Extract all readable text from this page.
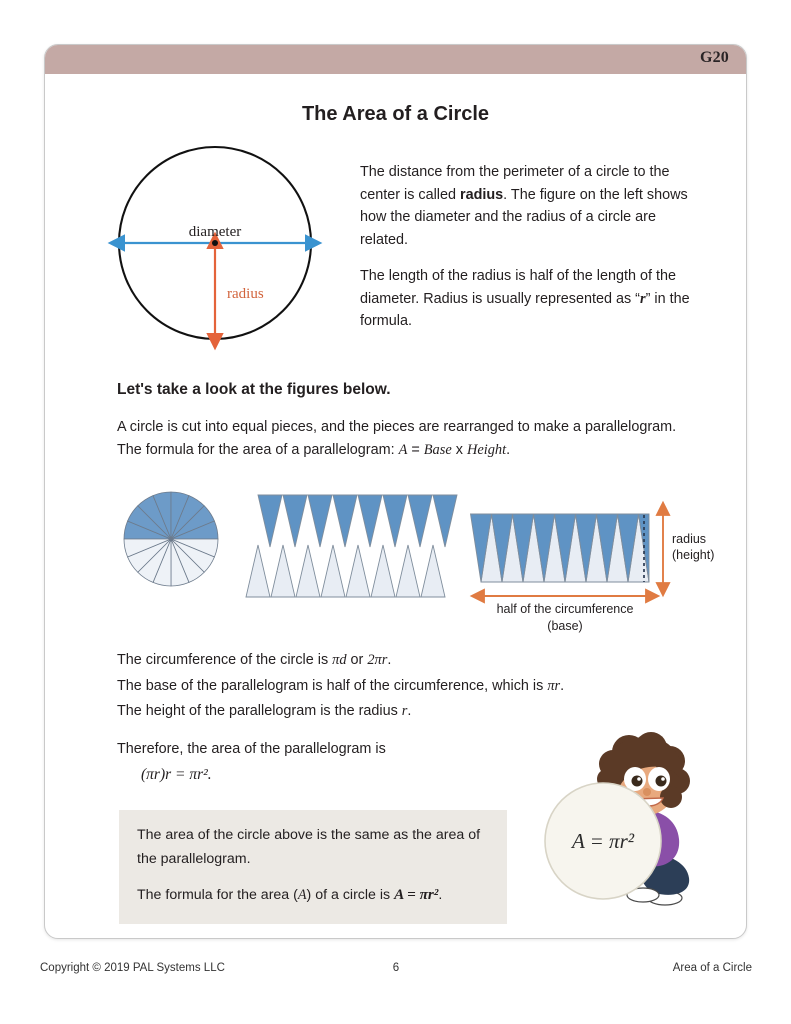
G20
The Area of a Circle
diameter
radius

The distance from the perimeter of a circle to the center is called radius. The figure on the left shows how the diameter and the radius of a circle are related.

The length of the radius is half of the length of the diameter. Radius is usually represented as “r” in the formula.

Let's take a look at the figures below.
A circle is cut into equal pieces, and the pieces are rearranged to make a parallelogram.
The formula for the area of a parallelogram: A = Base x Height.
radius
(height)
half of the circumference
(base)
The circumference of the circle is πd or 2πr.
The base of the parallelogram is half of the circumference, which is πr.
The height of the parallelogram is the radius r.
Therefore, the area of the parallelogram is
(πr)r = πr².

The area of the circle above is the same as the area of the parallelogram.

The formula for the area (A) of a circle is A = πr².

A = πr²
Copyright © 2019 PAL Systems LLC	6	Area of a Circle
